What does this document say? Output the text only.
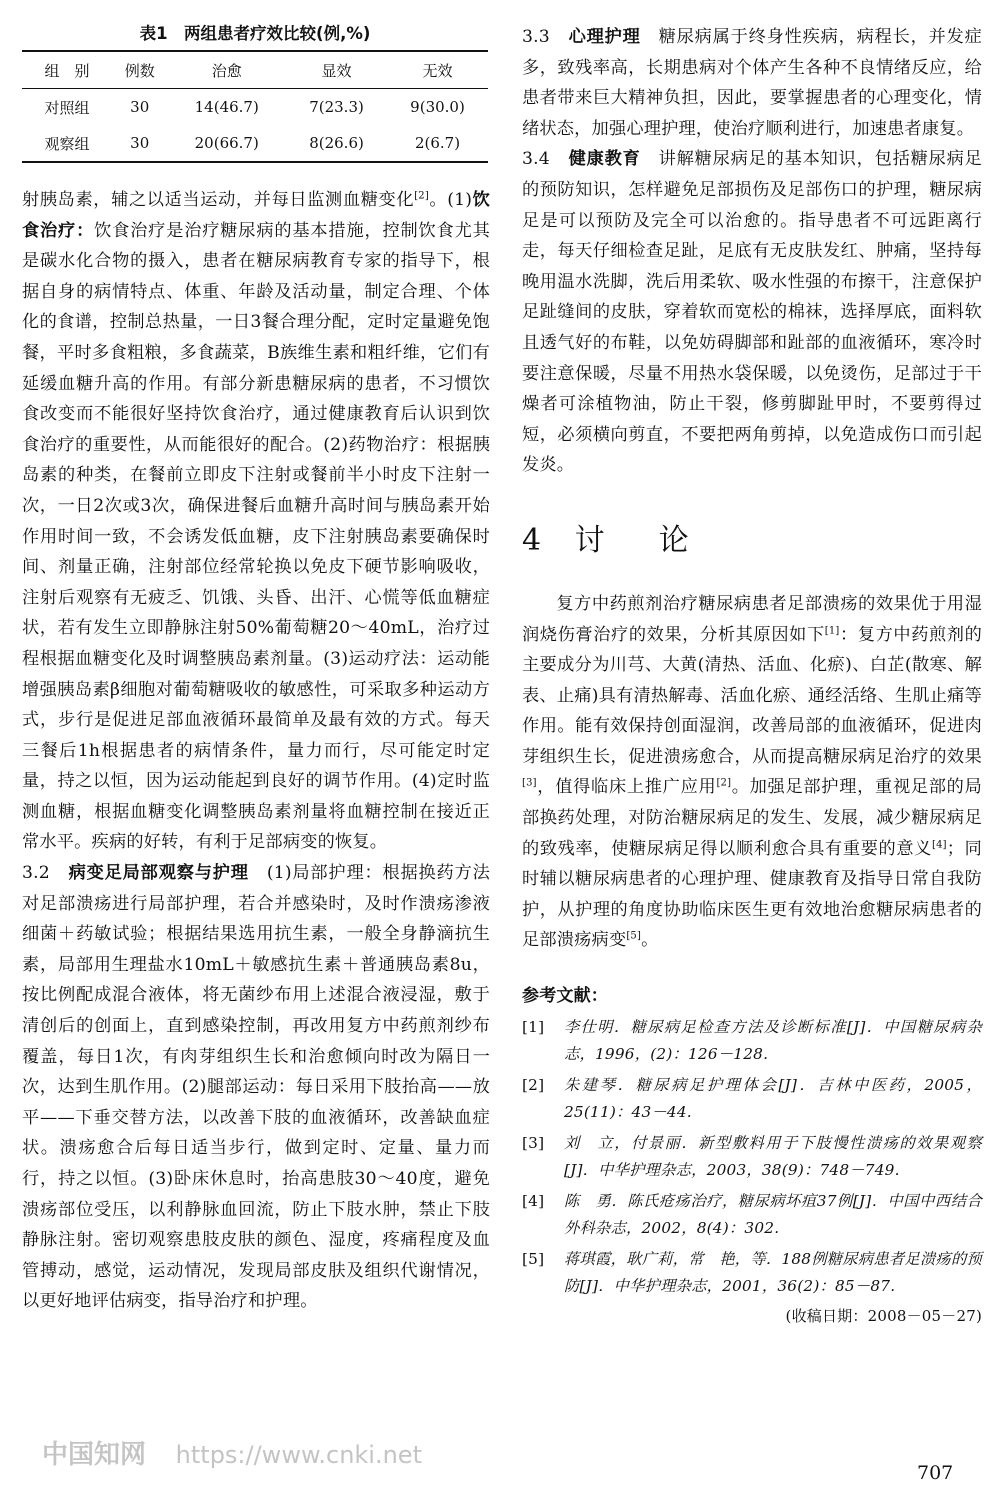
表1　两组患者疗效比较(例,%)
组　别	例数	治愈	显效	无效
对照组	30	14(46.7)	7(23.3)	9(30.0)
观察组	30	20(66.7)	8(26.6)	2(6.7)

射胰岛素，辅之以适当运动，并每日监测血糖变化[2]。(1)饮食治疗：饮食治疗是治疗糖尿病的基本措施，控制饮食尤其是碳水化合物的摄入，患者在糖尿病教育专家的指导下，根据自身的病情特点、体重、年龄及活动量，制定合理、个体化的食谱，控制总热量，一日3餐合理分配，定时定量避免饱餐，平时多食粗粮，多食蔬菜，B族维生素和粗纤维，它们有延缓血糖升高的作用。有部分新患糖尿病的患者，不习惯饮食改变而不能很好坚持饮食治疗，通过健康教育后认识到饮食治疗的重要性，从而能很好的配合。(2)药物治疗：根据胰岛素的种类，在餐前立即皮下注射或餐前半小时皮下注射一次，一日2次或3次，确保进餐后血糖升高时间与胰岛素开始作用时间一致，不会诱发低血糖，皮下注射胰岛素要确保时间、剂量正确，注射部位经常轮换以免皮下硬节影响吸收，注射后观察有无疲乏、饥饿、头昏、出汗、心慌等低血糖症状，若有发生立即静脉注射50%葡萄糖20～40mL，治疗过程根据血糖变化及时调整胰岛素剂量。(3)运动疗法：运动能增强胰岛素β细胞对葡萄糖吸收的敏感性，可采取多种运动方式，步行是促进足部血液循环最简单及最有效的方式。每天三餐后1h根据患者的病情条件，量力而行，尽可能定时定量，持之以恒，因为运动能起到良好的调节作用。(4)定时监测血糖，根据血糖变化调整胰岛素剂量将血糖控制在接近正常水平。疾病的好转，有利于足部病变的恢复。

3.2　病变足局部观察与护理　(1)局部护理：根据换药方法对足部溃疡进行局部护理，若合并感染时，及时作溃疡渗液细菌＋药敏试验；根据结果选用抗生素，一般全身静滴抗生素，局部用生理盐水10mL＋敏感抗生素＋普通胰岛素8u，按比例配成混合液体，将无菌纱布用上述混合液浸湿，敷于清创后的创面上，直到感染控制，再改用复方中药煎剂纱布覆盖，每日1次，有肉芽组织生长和治愈倾向时改为隔日一次，达到生肌作用。(2)腿部运动：每日采用下肢抬高——放平——下垂交替方法，以改善下肢的血液循环，改善缺血症状。溃疡愈合后每日适当步行，做到定时、定量、量力而行，持之以恒。(3)卧床休息时，抬高患肢30～40度，避免溃疡部位受压，以利静脉血回流，防止下肢水肿，禁止下肢静脉注射。密切观察患肢皮肤的颜色、湿度，疼痛程度及血管搏动，感觉，运动情况，发现局部皮肤及组织代谢情况，以更好地评估病变，指导治疗和护理。

3.3　心理护理　糖尿病属于终身性疾病，病程长，并发症多，致残率高，长期患病对个体产生各种不良情绪反应，给患者带来巨大精神负担，因此，要掌握患者的心理变化，情绪状态，加强心理护理，使治疗顺利进行，加速患者康复。

3.4　健康教育　讲解糖尿病足的基本知识，包括糖尿病足的预防知识，怎样避免足部损伤及足部伤口的护理，糖尿病足是可以预防及完全可以治愈的。指导患者不可远距离行走，每天仔细检查足趾，足底有无皮肤发红、肿痛，坚持每晚用温水洗脚，洗后用柔软、吸水性强的布擦干，注意保护足趾缝间的皮肤，穿着软而宽松的棉袜，选择厚底，面料软且透气好的布鞋，以免妨碍脚部和趾部的血液循环，寒冷时要注意保暖，尽量不用热水袋保暖，以免烫伤，足部过于干燥者可涂植物油，防止干裂，修剪脚趾甲时，不要剪得过短，必须横向剪直，不要把两角剪掉，以免造成伤口而引起发炎。

4 讨　论

复方中药煎剂治疗糖尿病患者足部溃疡的效果优于用湿润烧伤膏治疗的效果，分析其原因如下[1]：复方中药煎剂的主要成分为川芎、大黄(清热、活血、化瘀)、白芷(散寒、解表、止痛)具有清热解毒、活血化瘀、通经活络、生肌止痛等作用。能有效保持创面湿润，改善局部的血液循环，促进肉芽组织生长，促进溃疡愈合，从而提高糖尿病足治疗的效果[3]，值得临床上推广应用[2]。加强足部护理，重视足部的局部换药处理，对防治糖尿病足的发生、发展，减少糖尿病足的致残率，使糖尿病足得以顺利愈合具有重要的意义[4]；同时辅以糖尿病患者的心理护理、健康教育及指导日常自我防护，从护理的角度协助临床医生更有效地治愈糖尿病患者的足部溃疡病变[5]。

参考文献：
[1]	李仕明．糖尿病足检查方法及诊断标准[J]．中国糖尿病杂志，1996，(2)：126－128.
[2]	朱建琴．糖尿病足护理体会[J]．吉林中医药，2005，25(11)：43－44.
[3]	刘　立，付景丽．新型敷料用于下肢慢性溃疡的效果观察[J]．中华护理杂志，2003，38(9)：748－749.
[4]	陈　勇．陈氏疮疡治疗，糖尿病坏疽37例[J]．中国中西结合外科杂志，2002，8(4)：302.
[5]	蒋琪霞，耿广莉，常　艳，等．188例糖尿病患者足溃疡的预防[J]．中华护理杂志，2001，36(2)：85－87.
(收稿日期：2008－05－27)
中国知网 https://www.cnki.net
707
